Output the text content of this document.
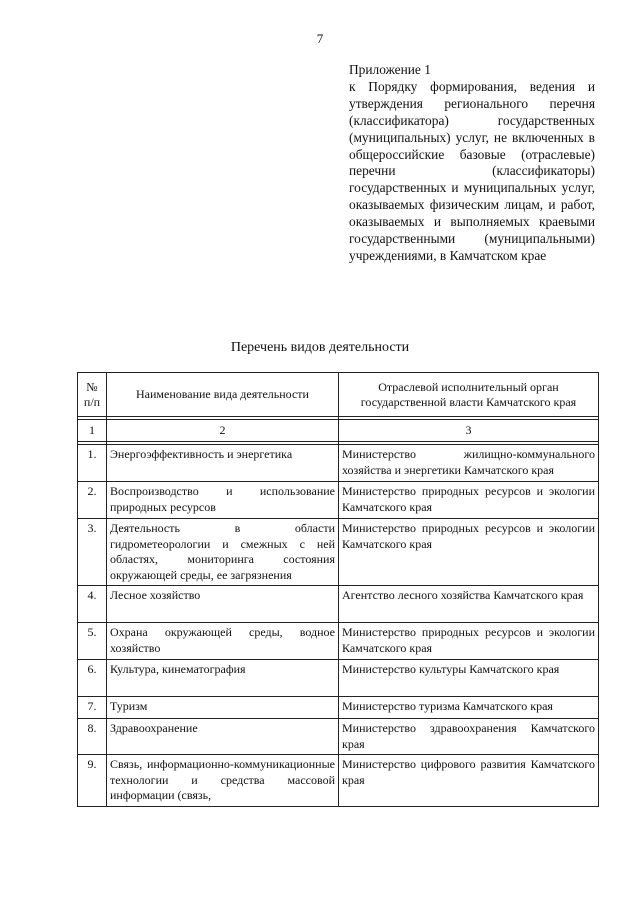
7

Приложение 1

к Порядку формирования, ведения и утверждения регионального перечня (классификатора) государственных (муниципальных) услуг, не включенных в общероссийские базовые (отраслевые) перечни (классификаторы) государственных и муниципальных услуг, оказываемых физическим лицам, и работ, оказываемых и выполняемых краевыми государственными (муниципальными) учреждениями, в Камчатском крае

Перечень видов деятельности
№ п/п	Наименование вида деятельности	Отраслевой исполнительный орган государственной власти Камчатского края

1	2	3

1.	Энергоэффективность и энергетика	Министерство жилищно-коммунального хозяйства и энергетики Камчатского края
2.	Воспроизводство и использование природных ресурсов	Министерство природных ресурсов и экологии Камчатского края
3.	Деятельность в области гидрометеорологии и смежных с ней областях, мониторинга состояния окружающей среды, ее загрязнения	Министерство природных ресурсов и экологии Камчатского края
4.	Лесное хозяйство	Агентство лесного хозяйства Камчатского края
5.	Охрана окружающей среды, водное хозяйство	Министерство природных ресурсов и экологии Камчатского края
6.	Культура, кинематография	Министерство культуры Камчатского края
7.	Туризм	Министерство туризма Камчатского края
8.	Здравоохранение	Министерство здравоохранения Камчатского края
9.	Связь, информационно-коммуникационные технологии и средства массовой информации (связь,	Министерство цифрового развития Камчатского края
